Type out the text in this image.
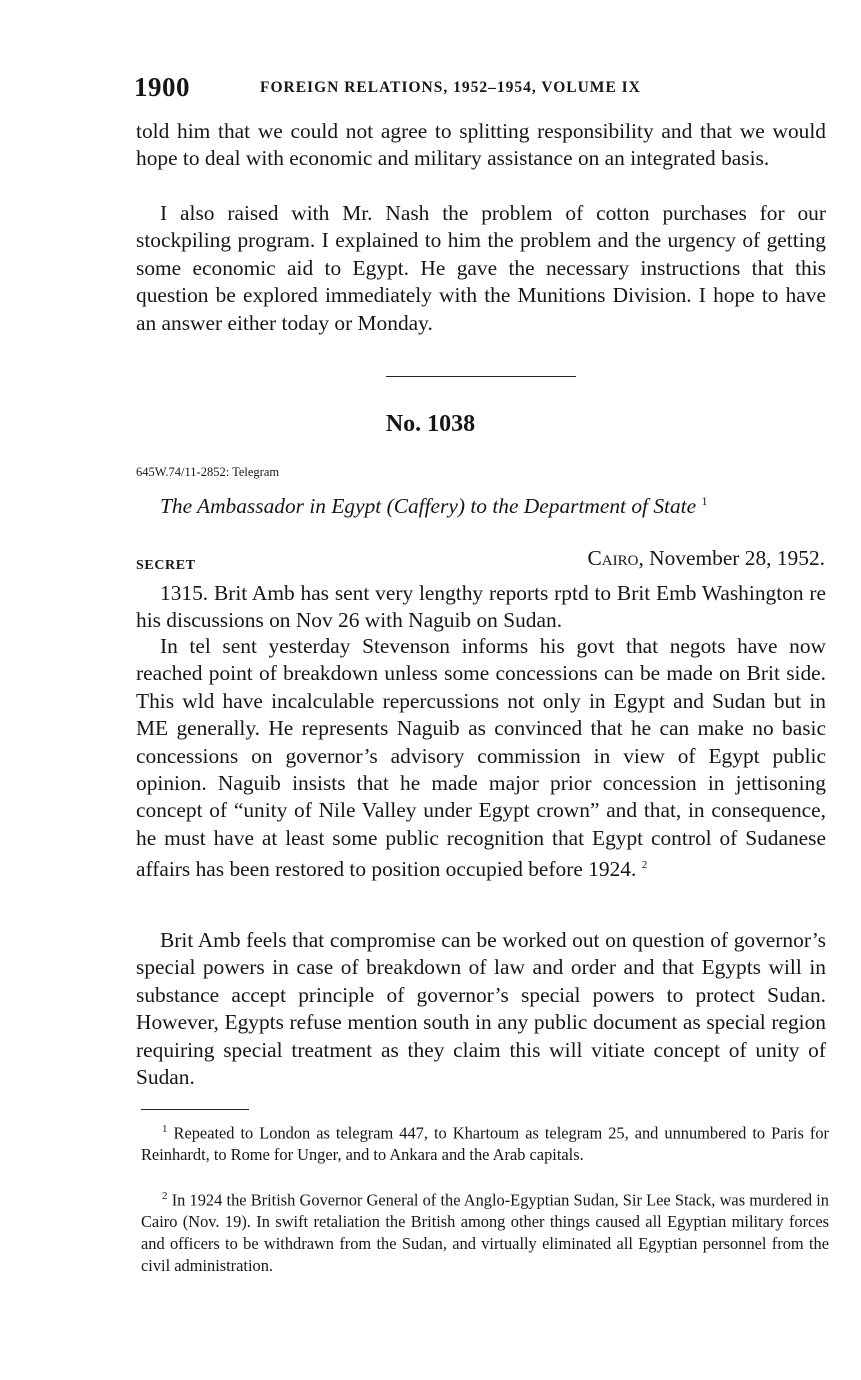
1900	FOREIGN RELATIONS, 1952–1954, VOLUME IX

told him that we could not agree to splitting responsibility and that we would hope to deal with economic and military assistance on an integrated basis.

I also raised with Mr. Nash the problem of cotton purchases for our stockpiling program. I explained to him the problem and the urgency of getting some economic aid to Egypt. He gave the necessary instructions that this question be explored immediately with the Munitions Division. I hope to have an answer either today or Monday.

No. 1038
645W.74/11-2852: Telegram
The Ambassador in Egypt (Caffery) to the Department of State $^1$
SECRET	Cairo, November 28, 1952.

1315. Brit Amb has sent very lengthy reports rptd to Brit Emb Washington re his discussions on Nov 26 with Naguib on Sudan.

In tel sent yesterday Stevenson informs his govt that negots have now reached point of breakdown unless some concessions can be made on Brit side. This wld have incalculable repercussions not only in Egypt and Sudan but in ME generally. He represents Naguib as convinced that he can make no basic concessions on governor’s advisory commission in view of Egypt public opinion. Naguib insists that he made major prior concession in jettisoning concept of “unity of Nile Valley under Egypt crown” and that, in consequence, he must have at least some public recognition that Egypt control of Sudanese affairs has been restored to position occupied before 1924. $^2$

Brit Amb feels that compromise can be worked out on question of governor’s special powers in case of breakdown of law and order and that Egypts will in substance accept principle of governor’s special powers to protect Sudan. However, Egypts refuse mention south in any public document as special region requiring special treatment as they claim this will vitiate concept of unity of Sudan.

$^1$ Repeated to London as telegram 447, to Khartoum as telegram 25, and unnumbered to Paris for Reinhardt, to Rome for Unger, and to Ankara and the Arab capitals.

$^2$ In 1924 the British Governor General of the Anglo-Egyptian Sudan, Sir Lee Stack, was murdered in Cairo (Nov. 19). In swift retaliation the British among other things caused all Egyptian military forces and officers to be withdrawn from the Sudan, and virtually eliminated all Egyptian personnel from the civil administration.
